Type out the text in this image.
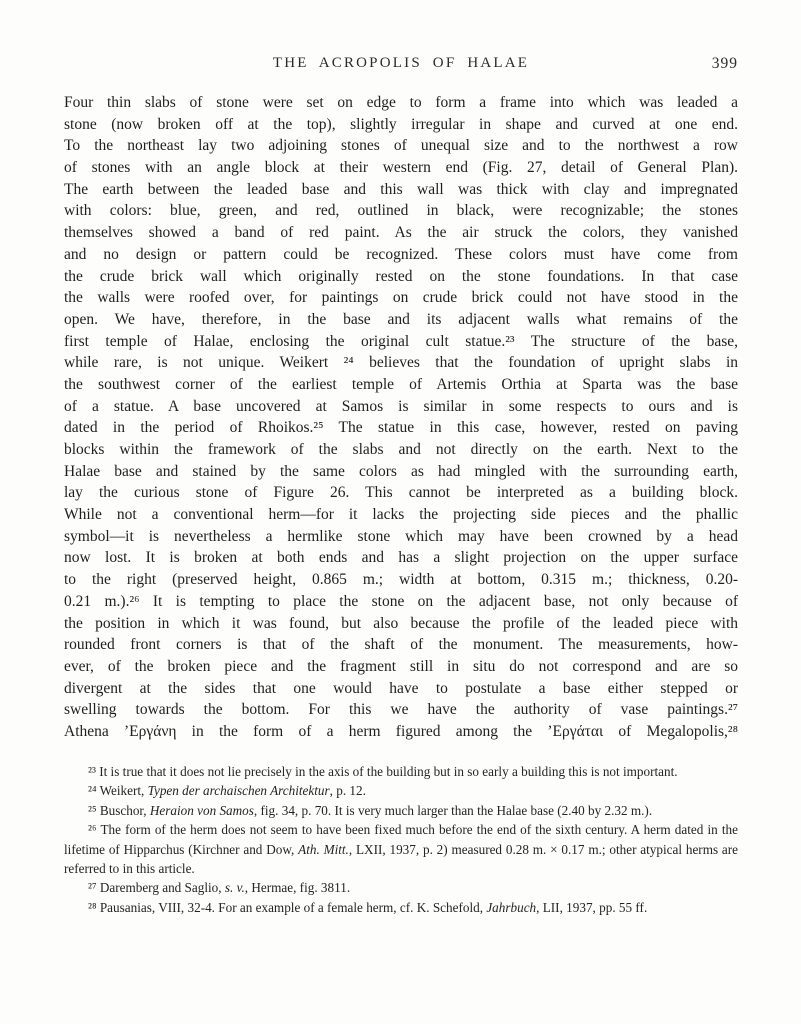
THE ACROPOLIS OF HALAE	399
Four thin slabs of stone were set on edge to form a frame into which was leaded a
stone (now broken off at the top), slightly irregular in shape and curved at one end.
To the northeast lay two adjoining stones of unequal size and to the northwest a row
of stones with an angle block at their western end (Fig. 27, detail of General Plan).
The earth between the leaded base and this wall was thick with clay and impregnated
with colors: blue, green, and red, outlined in black, were recognizable; the stones
themselves showed a band of red paint. As the air struck the colors, they vanished
and no design or pattern could be recognized. These colors must have come from
the crude brick wall which originally rested on the stone foundations. In that case
the walls were roofed over, for paintings on crude brick could not have stood in the
open. We have, therefore, in the base and its adjacent walls what remains of the
first temple of Halae, enclosing the original cult statue.²³ The structure of the base,
while rare, is not unique. Weikert ²⁴ believes that the foundation of upright slabs in
the southwest corner of the earliest temple of Artemis Orthia at Sparta was the base
of a statue. A base uncovered at Samos is similar in some respects to ours and is
dated in the period of Rhoikos.²⁵ The statue in this case, however, rested on paving
blocks within the framework of the slabs and not directly on the earth. Next to the
Halae base and stained by the same colors as had mingled with the surrounding earth,
lay the curious stone of Figure 26. This cannot be interpreted as a building block.
While not a conventional herm—for it lacks the projecting side pieces and the phallic
symbol—it is nevertheless a hermlike stone which may have been crowned by a head
now lost. It is broken at both ends and has a slight projection on the upper surface
to the right (preserved height, 0.865 m.; width at bottom, 0.315 m.; thickness, 0.20-
0.21 m.).²⁶ It is tempting to place the stone on the adjacent base, not only because of
the position in which it was found, but also because the profile of the leaded piece with
rounded front corners is that of the shaft of the monument. The measurements, how-
ever, of the broken piece and the fragment still in situ do not correspond and are so
divergent at the sides that one would have to postulate a base either stepped or
swelling towards the bottom. For this we have the authority of vase paintings.²⁷
Athena ’Εργάνη in the form of a herm figured among the ’Εργάται of Megalopolis,²⁸

²³ It is true that it does not lie precisely in the axis of the building but in so early a building this is not important.

²⁴ Weikert, Typen der archaischen Architektur, p. 12.

²⁵ Buschor, Heraion von Samos, fig. 34, p. 70. It is very much larger than the Halae base (2.40 by 2.32 m.).

²⁶ The form of the herm does not seem to have been fixed much before the end of the sixth century. A herm dated in the lifetime of Hipparchus (Kirchner and Dow, Ath. Mitt., LXII, 1937, p. 2) measured 0.28 m. × 0.17 m.; other atypical herms are referred to in this article.

²⁷ Daremberg and Saglio, s. v., Hermae, fig. 3811.

²⁸ Pausanias, VIII, 32-4. For an example of a female herm, cf. K. Schefold, Jahrbuch, LII, 1937, pp. 55 ff.
